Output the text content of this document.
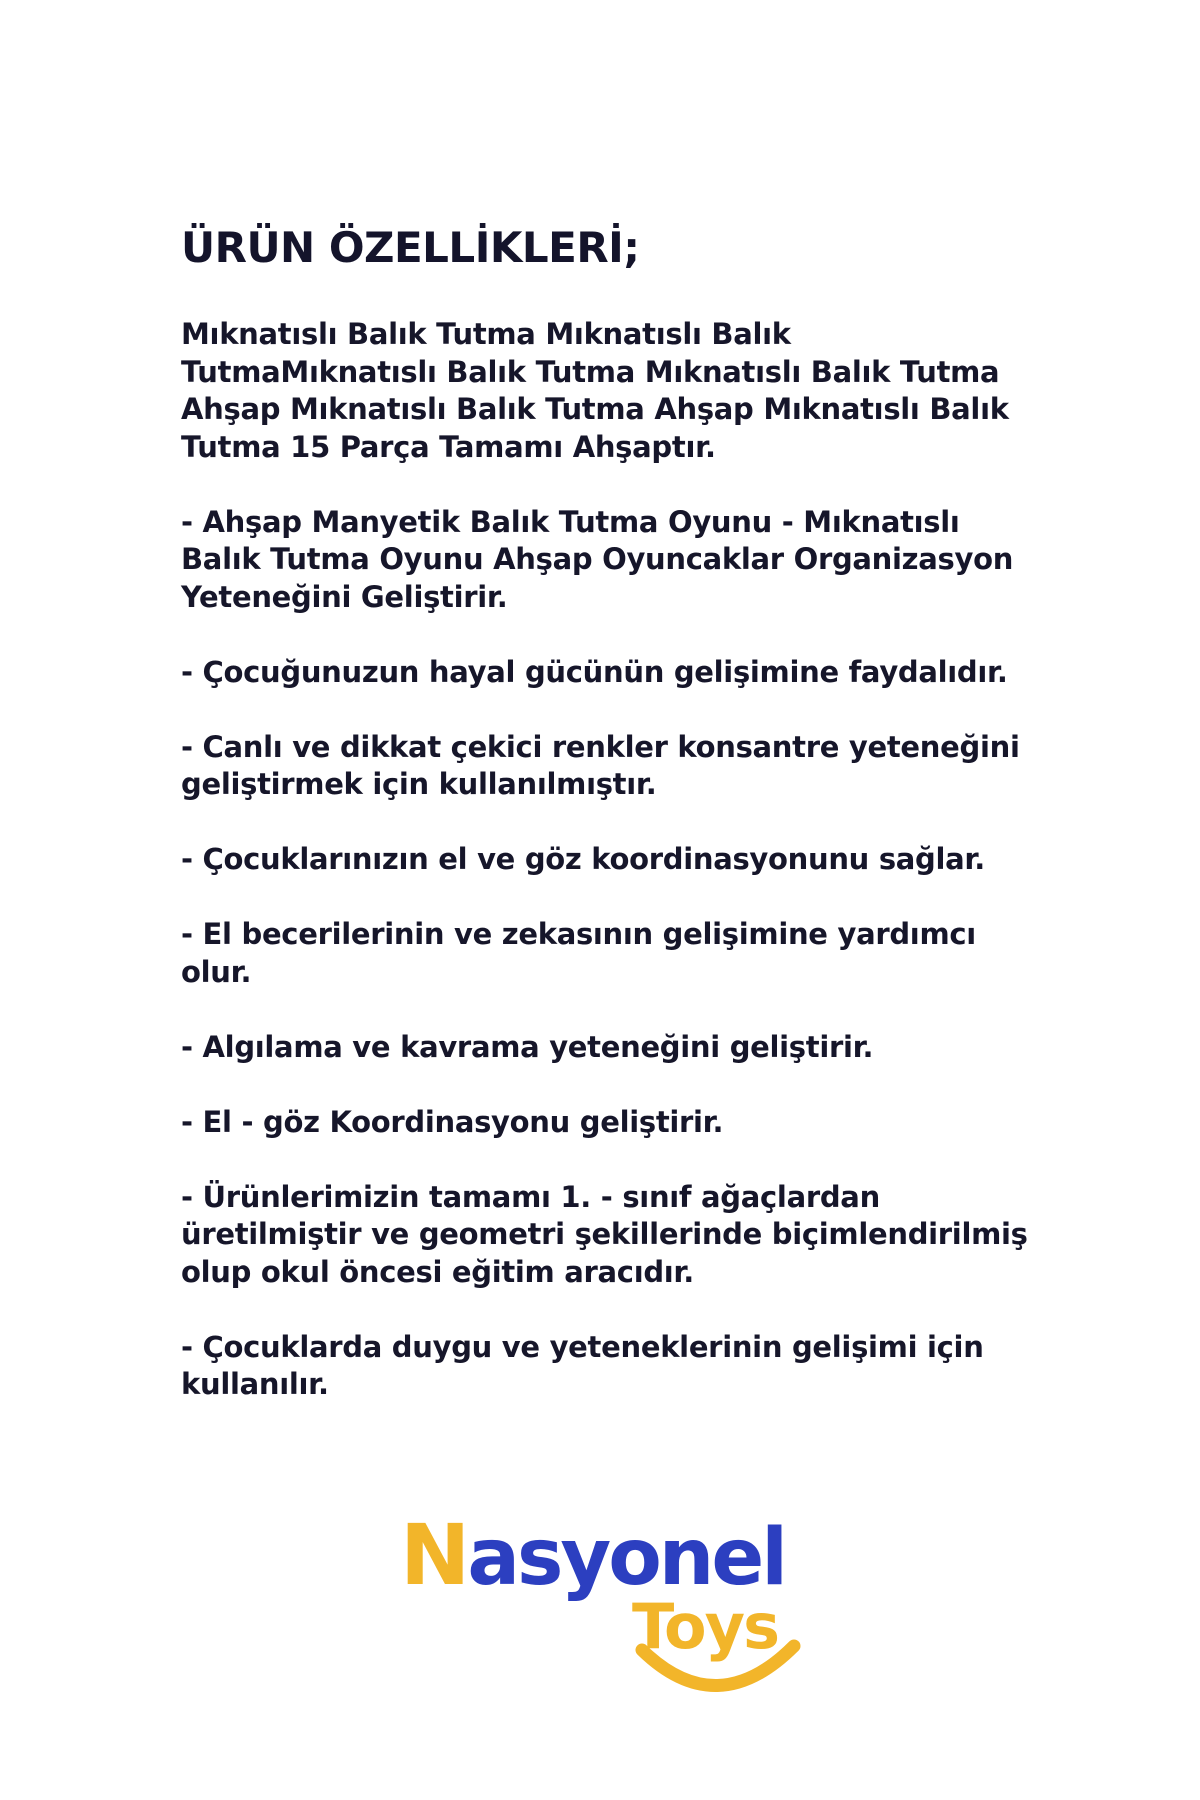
ÜRÜN ÖZELLİKLERİ;

Mıknatıslı Balık Tutma Mıknatıslı Balık TutmaMıknatıslı Balık Tutma Mıknatıslı Balık Tutma Ahşap Mıknatıslı Balık Tutma Ahşap Mıknatıslı Balık Tutma 15 Parça Tamamı Ahşaptır.

- Ahşap Manyetik Balık Tutma Oyunu - Mıknatıslı Balık Tutma Oyunu Ahşap Oyuncaklar Organizasyon Yeteneğini Geliştirir.

- Çocuğunuzun hayal gücünün gelişimine faydalıdır.

- Canlı ve dikkat çekici renkler konsantre yeteneğini geliştirmek için kullanılmıştır.

- Çocuklarınızın el ve göz koordinasyonunu sağlar.

- El becerilerinin ve zekasının gelişimine yardımcı olur.

- Algılama ve kavrama yeteneğini geliştirir.

- El - göz Koordinasyonu geliştirir.

- Ürünlerimizin tamamı 1. - sınıf ağaçlardan üretilmiştir ve geometri şekillerinde biçimlendirilmiş olup okul öncesi eğitim aracıdır.

- Çocuklarda duygu ve yeteneklerinin gelişimi için kullanılır.

Nasyonel
Toys
